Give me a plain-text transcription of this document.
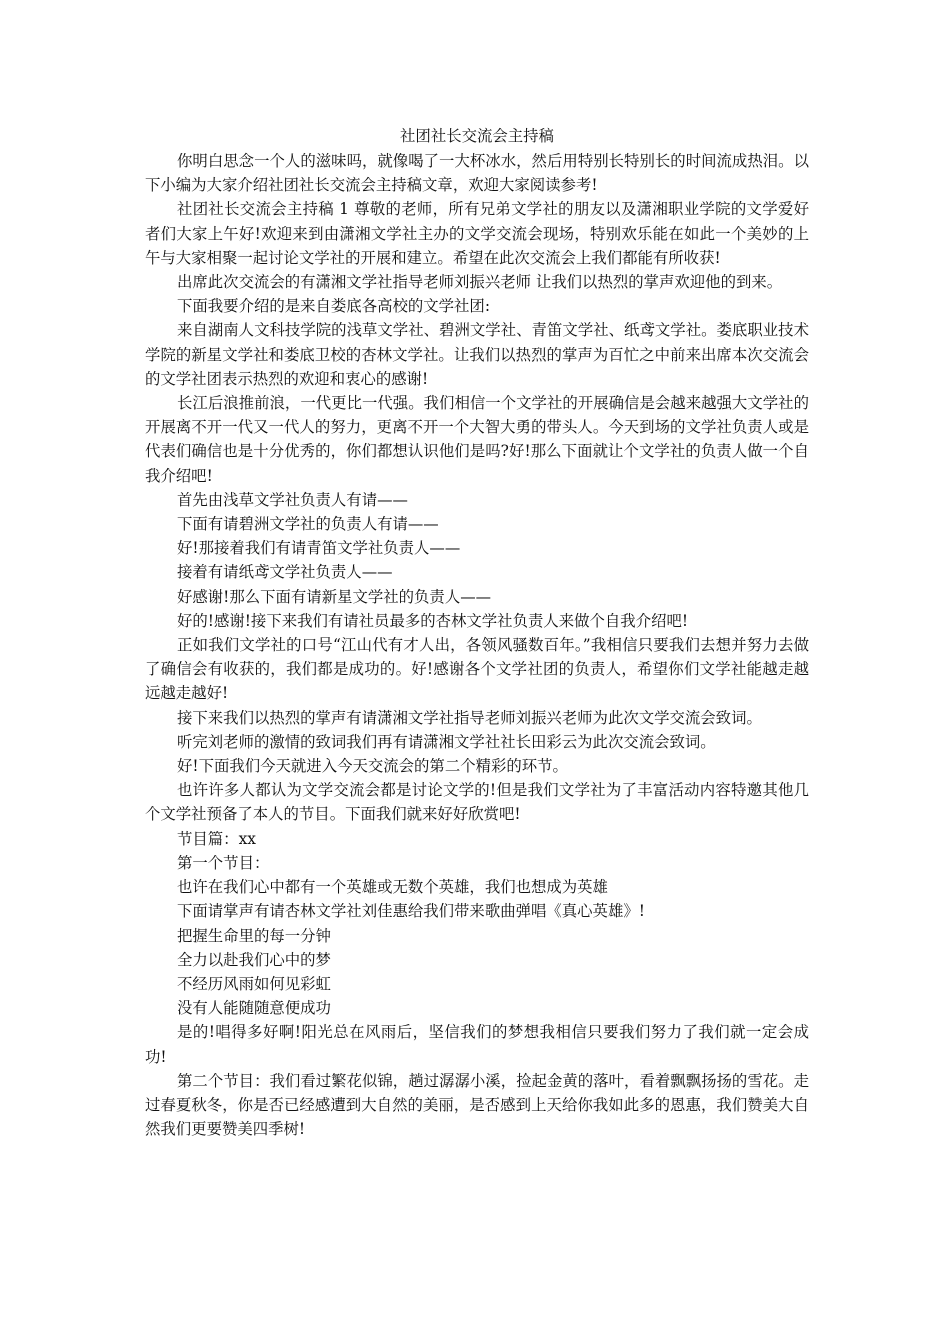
社团社长交流会主持稿

你明白思念一个人的滋味吗，就像喝了一大杯冰水，然后用特别长特别长的时间流成热泪。以下小编为大家介绍社团社长交流会主持稿文章，欢迎大家阅读参考!

社团社长交流会主持稿 1 尊敬的老师，所有兄弟文学社的朋友以及潇湘职业学院的文学爱好者们大家上午好!欢迎来到由潇湘文学社主办的文学交流会现场，特别欢乐能在如此一个美妙的上午与大家相聚一起讨论文学社的开展和建立。希望在此次交流会上我们都能有所收获!

出席此次交流会的有潇湘文学社指导老师刘振兴老师 让我们以热烈的掌声欢迎他的到来。

下面我要介绍的是来自娄底各高校的文学社团:

来自湖南人文科技学院的浅草文学社、碧洲文学社、青笛文学社、纸鸢文学社。娄底职业技术学院的新星文学社和娄底卫校的杏林文学社。让我们以热烈的掌声为百忙之中前来出席本次交流会的文学社团表示热烈的欢迎和衷心的感谢!

长江后浪推前浪，一代更比一代强。我们相信一个文学社的开展确信是会越来越强大文学社的开展离不开一代又一代人的努力，更离不开一个大智大勇的带头人。今天到场的文学社负责人或是代表们确信也是十分优秀的，你们都想认识他们是吗?好!那么下面就让个文学社的负责人做一个自我介绍吧!

首先由浅草文学社负责人有请——

下面有请碧洲文学社的负责人有请——

好!那接着我们有请青笛文学社负责人——

接着有请纸鸢文学社负责人——

好感谢!那么下面有请新星文学社的负责人——

好的!感谢!接下来我们有请社员最多的杏林文学社负责人来做个自我介绍吧!

正如我们文学社的口号“江山代有才人出，各领风骚数百年。”我相信只要我们去想并努力去做了确信会有收获的，我们都是成功的。好!感谢各个文学社团的负责人，希望你们文学社能越走越远越走越好!

接下来我们以热烈的掌声有请潇湘文学社指导老师刘振兴老师为此次文学交流会致词。

听完刘老师的激情的致词我们再有请潇湘文学社社长田彩云为此次交流会致词。

好!下面我们今天就进入今天交流会的第二个精彩的环节。

也许许多人都认为文学交流会都是讨论文学的!但是我们文学社为了丰富活动内容特邀其他几个文学社预备了本人的节目。下面我们就来好好欣赏吧!

节目篇：xx

第一个节目：

也许在我们心中都有一个英雄或无数个英雄，我们也想成为英雄

下面请掌声有请杏林文学社刘佳惠给我们带来歌曲弹唱《真心英雄》!

把握生命里的每一分钟

全力以赴我们心中的梦

不经历风雨如何见彩虹

没有人能随随意便成功

是的!唱得多好啊!阳光总在风雨后，坚信我们的梦想我相信只要我们努力了我们就一定会成功!

第二个节目：我们看过繁花似锦，趟过潺潺小溪，捡起金黄的落叶，看着飘飘扬扬的雪花。走过春夏秋冬，你是否已经感遭到大自然的美丽，是否感到上天给你我如此多的恩惠，我们赞美大自然我们更要赞美四季树!
